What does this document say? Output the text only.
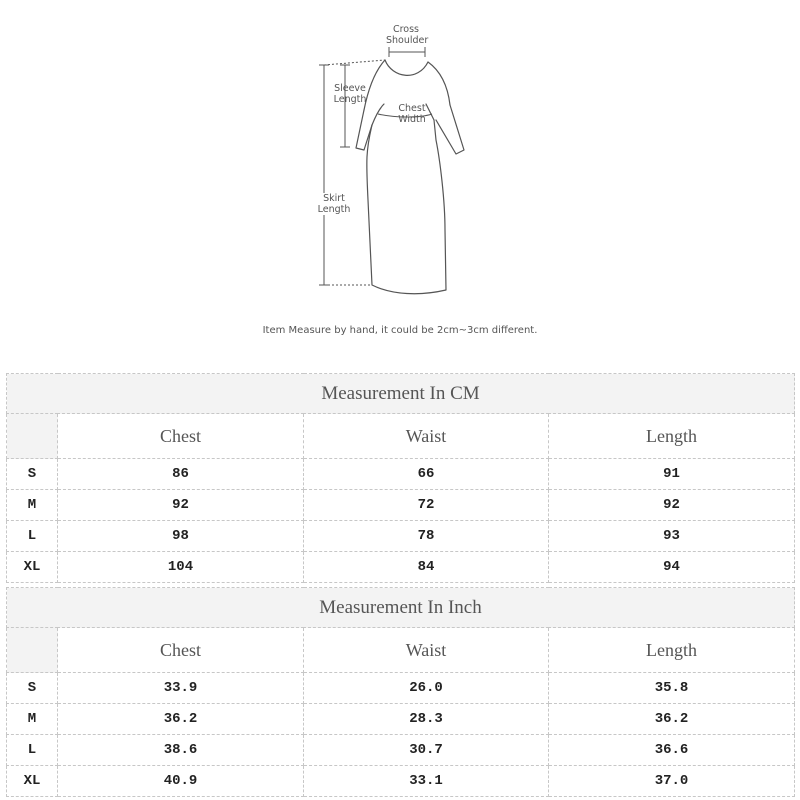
Cross
Shoulder
Sleeve
Length
Chest
Width
Skirt
Length
Item Measure by hand, it could be 2cm~3cm different.
Measurement In CM			
	Chest	Waist	Length
S	86	66	91
M	92	72	92
L	98	78	93
XL	104	84	94
Measurement In Inch			
	Chest	Waist	Length
S	33.9	26.0	35.8
M	36.2	28.3	36.2
L	38.6	30.7	36.6
XL	40.9	33.1	37.0
